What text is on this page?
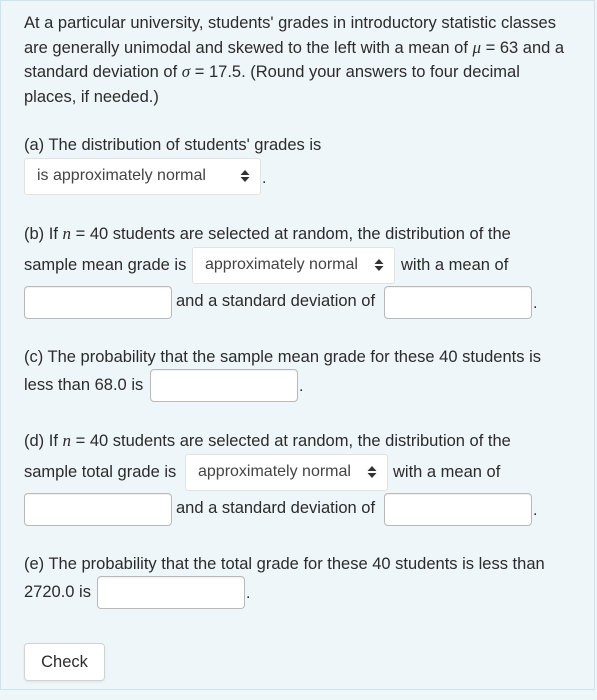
At a particular university, students' grades in introductory statistic classes are generally unimodal and skewed to the left with a mean of μ = 63 and a standard deviation of σ = 17.5. (Round your answers to four decimal places, if needed.)
(a) The distribution of students' grades is
is approximately normal	.
(b) If n = 40 students are selected at random, the distribution of the
sample mean grade is approximately normal	with a mean of
and a standard deviation of	.
(c) The probability that the sample mean grade for these 40 students is
less than 68.0 is	.
(d) If n = 40 students are selected at random, the distribution of the
sample total grade is approximately normal	with a mean of
and a standard deviation of	.
(e) The probability that the total grade for these 40 students is less than
2720.0 is	.
Check
